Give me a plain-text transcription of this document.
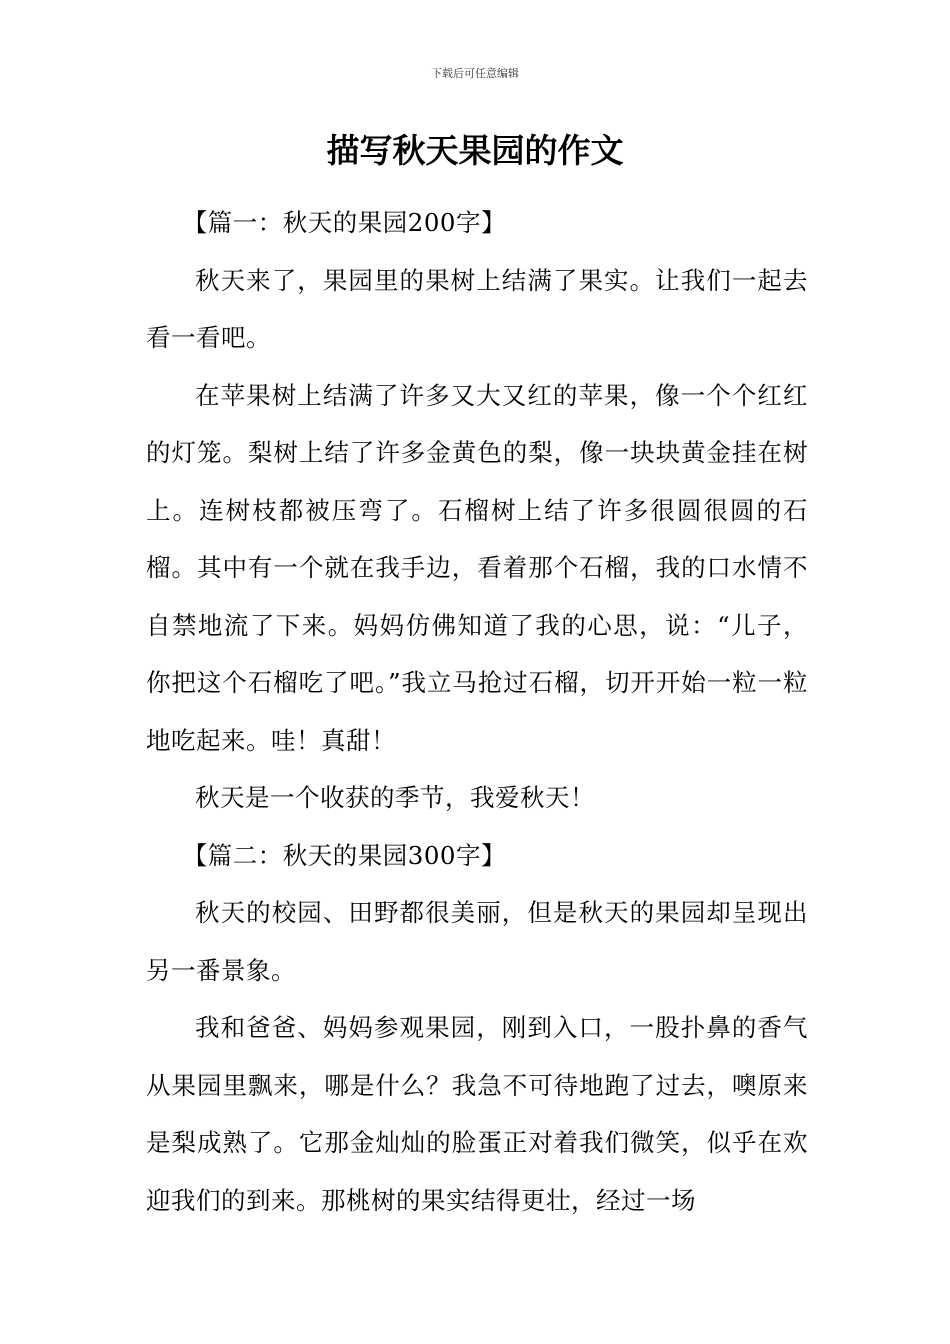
下载后可任意编辑
描写秋天果园的作文

【篇一：秋天的果园200字】

秋天来了，果园里的果树上结满了果实。让我们一起去看一看吧。

在苹果树上结满了许多又大又红的苹果，像一个个红红的灯笼。梨树上结了许多金黄色的梨，像一块块黄金挂在树上。连树枝都被压弯了。石榴树上结了许多很圆很圆的石榴。其中有一个就在我手边，看着那个石榴，我的口水情不自禁地流了下来。妈妈仿佛知道了我的心思，说：“儿子，你把这个石榴吃了吧。”我立马抢过石榴，切开开始一粒一粒地吃起来。哇！真甜！

秋天是一个收获的季节，我爱秋天！

【篇二：秋天的果园300字】

秋天的校园、田野都很美丽，但是秋天的果园却呈现出另一番景象。

我和爸爸、妈妈参观果园，刚到入口，一股扑鼻的香气从果园里飘来，哪是什么？我急不可待地跑了过去，噢原来是梨成熟了。它那金灿灿的脸蛋正对着我们微笑，似乎在欢迎我们的到来。那桃树的果实结得更壮，经过一场
